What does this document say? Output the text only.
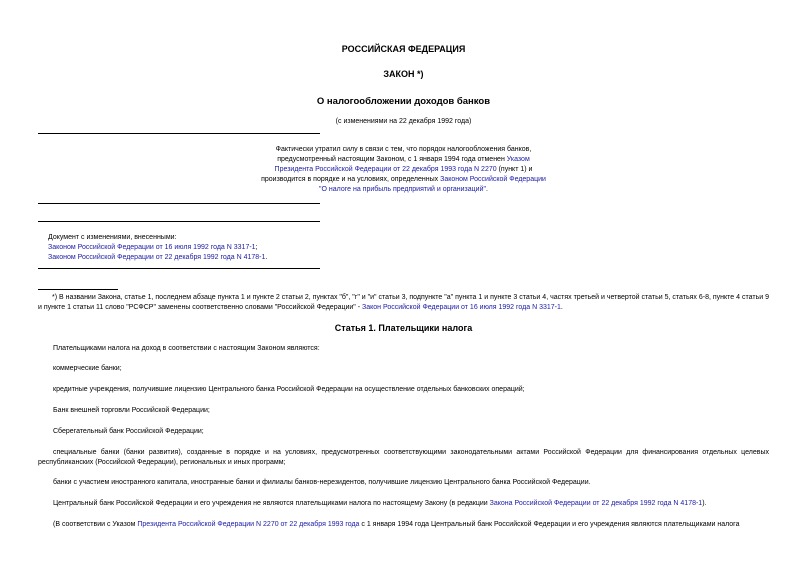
РОССИЙСКАЯ ФЕДЕРАЦИЯ
ЗАКОН *)
О налогообложении доходов банков
(с изменениями на 22 декабря 1992 года)
Фактически утратил силу в связи с тем, что порядок налогообложения банков,
предусмотренный настоящим Законом, с 1 января 1994 года отменен Указом
Президента Российской Федерации от 22 декабря 1993 года N 2270 (пункт 1) и
производится в порядке и на условиях, определенных Законом Российской Федерации
"О налоге на прибыль предприятий и организаций".
Документ с изменениями, внесенными:
Законом Российской Федерации от 16 июля 1992 года N 3317-1;
Законом Российской Федерации от 22 декабря 1992 года N 4178-1.
*) В названии Закона, статье 1, последнем абзаце пункта 1 и пункте 2 статьи 2, пунктах "б", "г" и "и" статьи 3, подпункте "а" пункта 1 и пункте 3 статьи 4, частях третьей и четвертой статьи 5, статьях 6-8, пункте 4 статьи 9 и пункте 1 статьи 11 слово "РСФСР" заменены соответственно словами "Российской Федерации" - Закон Российской Федерации от 16 июля 1992 года N 3317-1.
Статья 1. Плательщики налога
Плательщиками налога на доход в соответствии с настоящим Законом являются:
коммерческие банки;
кредитные учреждения, получившие лицензию Центрального банка Российской Федерации на осуществление отдельных банковских операций;
Банк внешней торговли Российской Федерации;
Сберегательный банк Российской Федерации;
специальные банки (банки развития), созданные в порядке и на условиях, предусмотренных соответствующими законодательными актами Российской Федерации для финансирования отдельных целевых республиканских (Российской Федерации), региональных и иных программ;
банки с участием иностранного капитала, иностранные банки и филиалы банков-нерезидентов, получившие лицензию Центрального банка Российской Федерации.
Центральный банк Российской Федерации и его учреждения не являются плательщиками налога по настоящему Закону (в редакции Закона Российской Федерации от 22 декабря 1992 года N 4178-1).
(В соответствии с Указом Президента Российской Федерации N 2270 от 22 декабря 1993 года с 1 января 1994 года Центральный банк Российской Федерации и его учреждения являются плательщиками налога
